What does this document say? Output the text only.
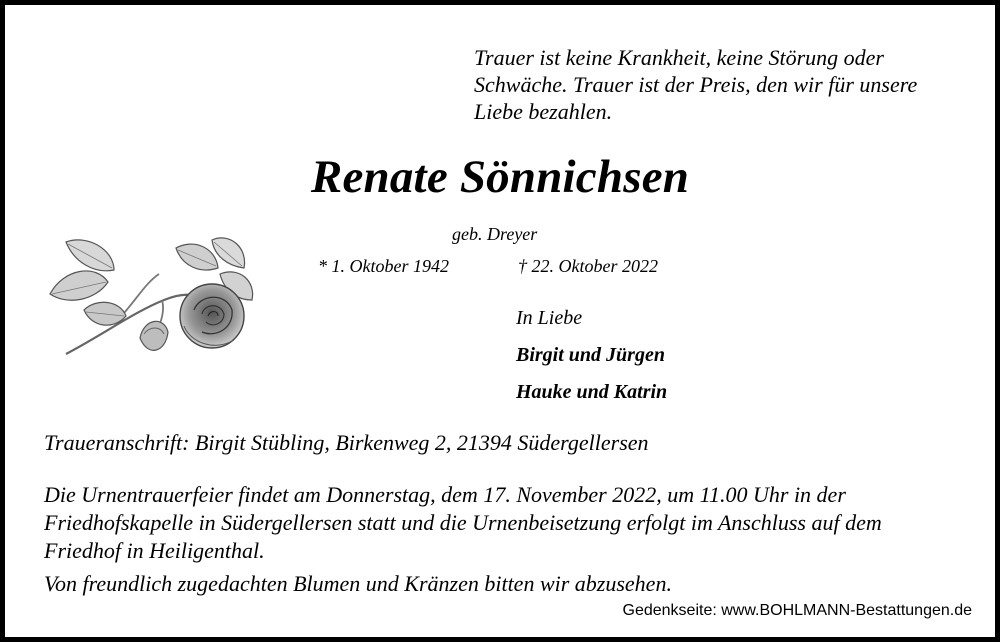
Trauer ist keine Krankheit, keine Störung oder
Schwäche. Trauer ist der Preis, den wir für unsere
Liebe bezahlen.
Renate Sönnichsen
geb. Dreyer
* 1. Oktober 1942	† 22. Oktober 2022
In Liebe
Birgit und Jürgen
Hauke und Katrin
Traueranschrift: Birgit Stübling, Birkenweg 2, 21394 Südergellersen
Die Urnentrauerfeier findet am Donnerstag, dem 17. November 2022, um 11.00 Uhr in der
Friedhofskapelle in Südergellersen statt und die Urnenbeisetzung erfolgt im Anschluss auf dem
Friedhof in Heiligenthal.
Von freundlich zugedachten Blumen und Kränzen bitten wir abzusehen.
Gedenkseite: www.BOHLMANN-Bestattungen.de
